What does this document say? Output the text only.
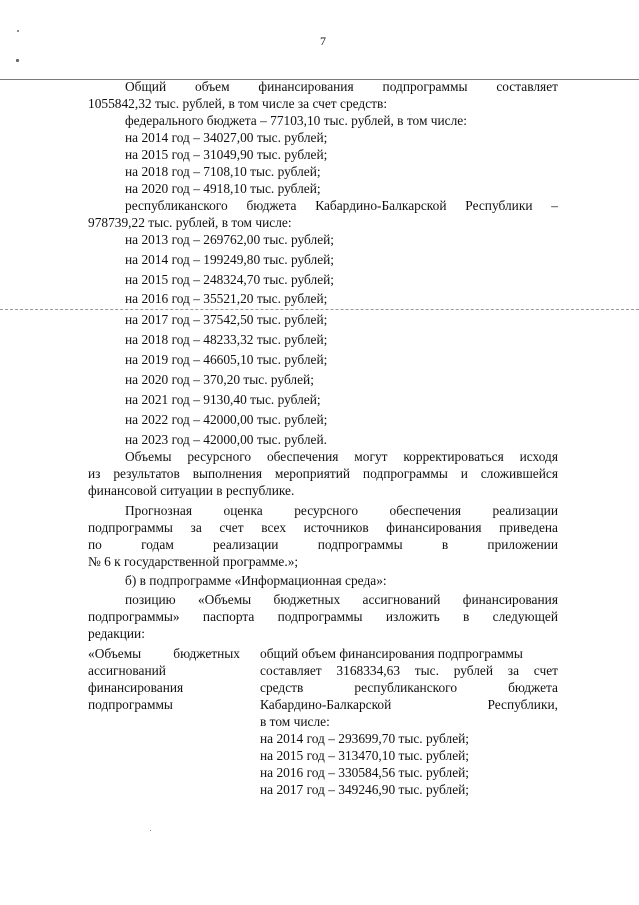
7
Общий объем финансирования подпрограммы составляет
1055842,32 тыс. рублей, в том числе за счет средств:
федерального бюджета – 77103,10 тыс. рублей, в том числе:
на 2014 год – 34027,00 тыс. рублей;
на 2015 год – 31049,90 тыс. рублей;
на 2018 год – 7108,10 тыс. рублей;
на 2020 год – 4918,10 тыс. рублей;
республиканского бюджета Кабардино-Балкарской Республики –
978739,22 тыс. рублей, в том числе:
на 2013 год – 269762,00 тыс. рублей;
на 2014 год – 199249,80 тыс. рублей;
на 2015 год – 248324,70 тыс. рублей;
на 2016 год – 35521,20 тыс. рублей;
на 2017 год – 37542,50 тыс. рублей;
на 2018 год – 48233,32 тыс. рублей;
на 2019 год – 46605,10 тыс. рублей;
на 2020 год – 370,20 тыс. рублей;
на 2021 год – 9130,40 тыс. рублей;
на 2022 год – 42000,00 тыс. рублей;
на 2023 год – 42000,00 тыс. рублей.
Объемы ресурсного обеспечения могут корректироваться исходя
из результатов выполнения мероприятий подпрограммы и сложившейся
финансовой ситуации в республике.
Прогнозная оценка ресурсного обеспечения реализации
подпрограммы за счет всех источников финансирования приведена
по годам реализации подпрограммы в приложении
№ 6 к государственной программе.»;
б) в подпрограмме «Информационная среда»:
позицию «Объемы бюджетных ассигнований финансирования
подпрограммы» паспорта подпрограммы изложить в следующей
редакции:
«Объемы бюджетных
ассигнований
финансирования
подпрограммы
общий объем финансирования подпрограммы
составляет 3168334,63 тыс. рублей за счет
средств республиканского бюджета
Кабардино-Балкарской Республики,
в том числе:
на 2014 год – 293699,70 тыс. рублей;
на 2015 год – 313470,10 тыс. рублей;
на 2016 год – 330584,56 тыс. рублей;
на 2017 год – 349246,90 тыс. рублей;
